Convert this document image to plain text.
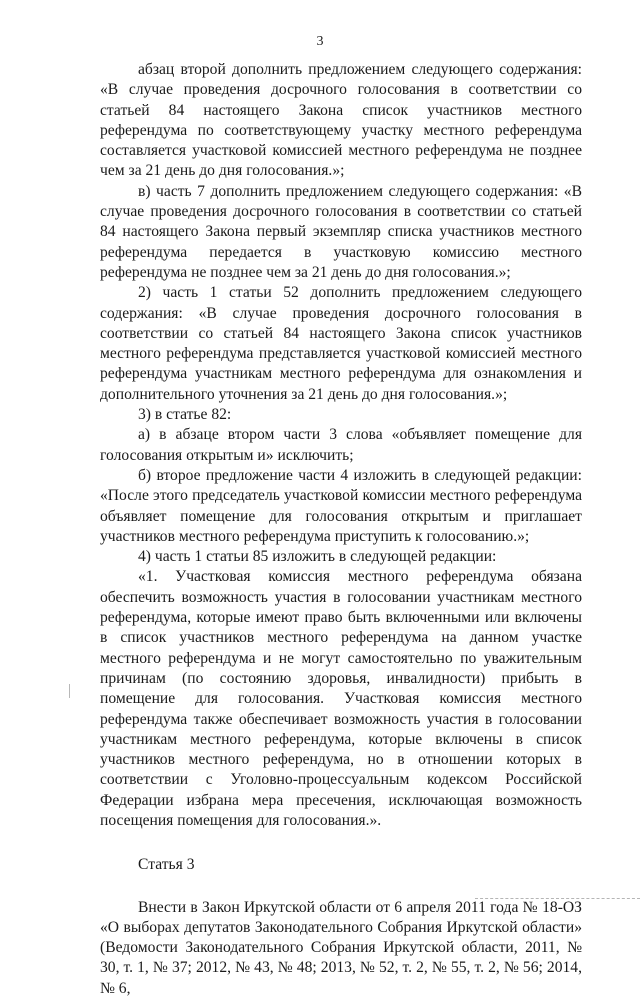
3

абзац второй дополнить предложением следующего содержания: «В случае проведения досрочного голосования в соответствии со статьей 84 настоящего Закона список участников местного референдума по соответствующему участку местного референдума составляется участковой комиссией местного референдума не позднее чем за 21 день до дня голосования.»;

в) часть 7 дополнить предложением следующего содержания: «В случае проведения досрочного голосования в соответствии со статьей 84 настоящего Закона первый экземпляр списка участников местного референдума передается в участковую комиссию местного референдума не позднее чем за 21 день до дня голосования.»;

2) часть 1 статьи 52 дополнить предложением следующего содержания: «В случае проведения досрочного голосования в соответствии со статьей 84 настоящего Закона список участников местного референдума представляется участковой комиссией местного референдума участникам местного референдума для ознакомления и дополнительного уточнения за 21 день до дня голосования.»;

3) в статье 82:

а) в абзаце втором части 3 слова «объявляет помещение для голосования открытым и» исключить;

б) второе предложение части 4 изложить в следующей редакции: «После этого председатель участковой комиссии местного референдума объявляет помещение для голосования открытым и приглашает участников местного референдума приступить к голосованию.»;

4) часть 1 статьи 85 изложить в следующей редакции:

«1. Участковая комиссия местного референдума обязана обеспечить возможность участия в голосовании участникам местного референдума, которые имеют право быть включенными или включены в список участников местного референдума на данном участке местного референдума и не могут самостоятельно по уважительным причинам (по состоянию здоровья, инвалидности) прибыть в помещение для голосования. Участковая комиссия местного референдума также обеспечивает возможность участия в голосовании участникам местного референдума, которые включены в список участников местного референдума, но в отношении которых в соответствии с Уголовно-процессуальным кодексом Российской Федерации избрана мера пресечения, исключающая возможность посещения помещения для голосования.».

Статья 3

Внести в Закон Иркутской области от 6 апреля 2011 года № 18-ОЗ «О выборах депутатов Законодательного Собрания Иркутской области» (Ведомости Законодательного Собрания Иркутской области, 2011, № 30, т. 1, № 37; 2012, № 43, № 48; 2013, № 52, т. 2, № 55, т. 2, № 56; 2014, № 6,
